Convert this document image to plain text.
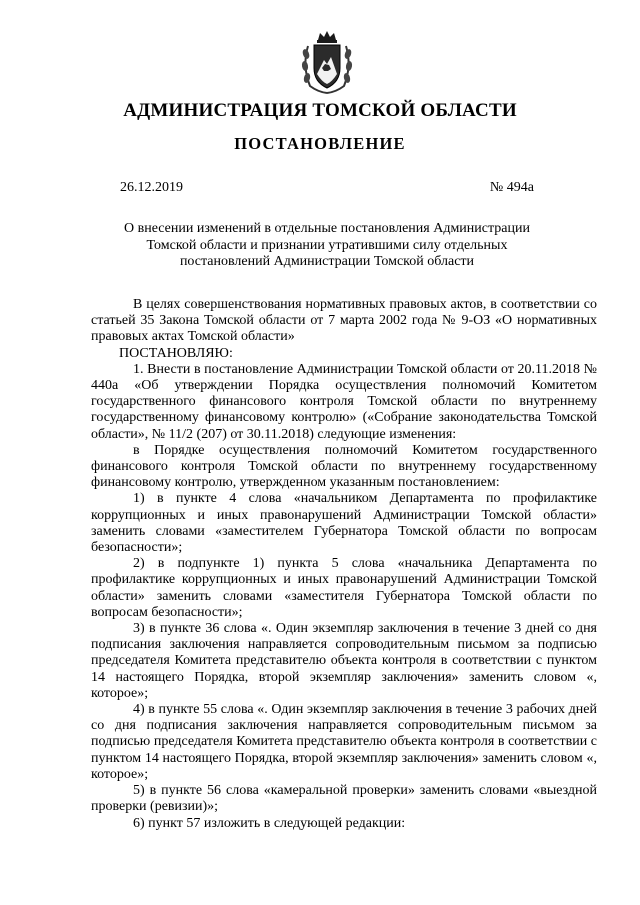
АДМИНИСТРАЦИЯ ТОМСКОЙ ОБЛАСТИ
ПОСТАНОВЛЕНИЕ
26.12.2019	№ 494а
О внесении изменений в отдельные постановления Администрации
Томской области и признании утратившими силу отдельных
постановлений Администрации Томской области

В целях совершенствования нормативных правовых актов, в соответствии со статьей 35 Закона Томской области от 7 марта 2002 года № 9-ОЗ «О нормативных правовых актах Томской области»

ПОСТАНОВЛЯЮ:

1. Внести в постановление Администрации Томской области от 20.11.2018 № 440а «Об утверждении Порядка осуществления полномочий Комитетом государственного финансового контроля Томской области по внутреннему государственному финансовому контролю» («Собрание законодательства Томской области», № 11/2 (207) от 30.11.2018) следующие изменения:

в Порядке осуществления полномочий Комитетом государственного финансового контроля Томской области по внутреннему государственному финансовому контролю, утвержденном указанным постановлением:

1) в пункте 4 слова «начальником Департамента по профилактике коррупционных и иных правонарушений Администрации Томской области» заменить словами «заместителем Губернатора Томской области по вопросам безопасности»;

2) в подпункте 1) пункта 5 слова «начальника Департамента по профилактике коррупционных и иных правонарушений Администрации Томской области» заменить словами «заместителя Губернатора Томской области по вопросам безопасности»;

3) в пункте 36 слова «. Один экземпляр заключения в течение 3 дней со дня подписания заключения направляется сопроводительным письмом за подписью председателя Комитета представителю объекта контроля в соответствии с пунктом 14 настоящего Порядка, второй экземпляр заключения» заменить словом «, которое»;

4) в пункте 55 слова «. Один экземпляр заключения в течение 3 рабочих дней со дня подписания заключения направляется сопроводительным письмом за подписью председателя Комитета представителю объекта контроля в соответствии с пунктом 14 настоящего Порядка, второй экземпляр заключения» заменить словом «, которое»;

5) в пункте 56 слова «камеральной проверки» заменить словами «выездной проверки (ревизии)»;

6) пункт 57 изложить в следующей редакции:
